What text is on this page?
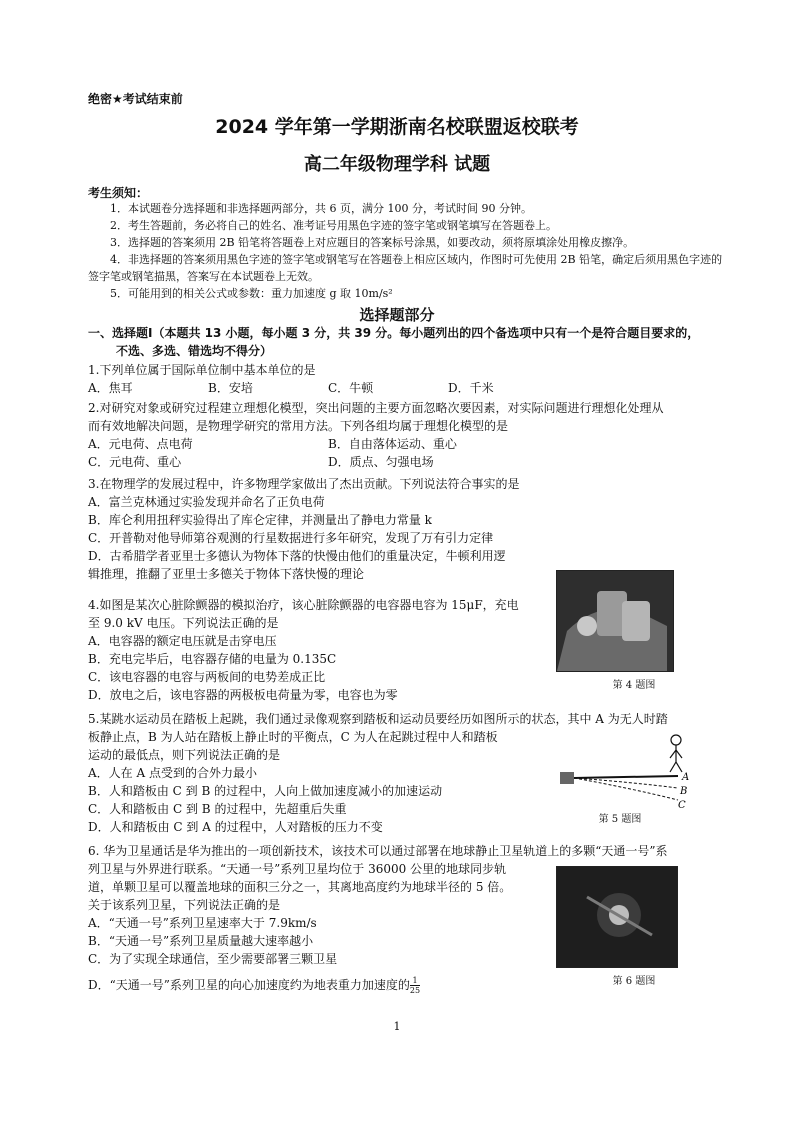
绝密★考试结束前
2024 学年第一学期浙南名校联盟返校联考
高二年级物理学科 试题
考生须知：

1．本试题卷分选择题和非选择题两部分，共 6 页，满分 100 分，考试时间 90 分钟。

2．考生答题前，务必将自己的姓名、准考证号用黑色字迹的签字笔或钢笔填写在答题卷上。

3．选择题的答案须用 2B 铅笔将答题卷上对应题目的答案标号涂黑，如要改动，须将原填涂处用橡皮擦净。

4．非选择题的答案须用黑色字迹的签字笔或钢笔写在答题卷上相应区域内，作图时可先使用 2B 铅笔，确定后须用黑色字迹的签字笔或钢笔描黑，答案写在本试题卷上无效。

5．可能用到的相关公式或参数：重力加速度 g 取 10m/s²

选择题部分
一、选择题Ⅰ（本题共 13 小题，每小题 3 分，共 39 分。每小题列出的四个备选项中只有一个是符合题目要求的，
不选、多选、错选均不得分）

1.下列单位属于国际单位制中基本单位的是

A．焦耳	B．安培	C．牛顿	D．千米

2.对研究对象或研究过程建立理想化模型，突出问题的主要方面忽略次要因素，对实际问题进行理想化处理从

而有效地解决问题，是物理学研究的常用方法。下列各组均属于理想化模型的是

A．元电荷、点电荷	B．自由落体运动、重心
C．元电荷、重心	D．质点、匀强电场

3.在物理学的发展过程中，许多物理学家做出了杰出贡献。下列说法符合事实的是

A．富兰克林通过实验发现并命名了正负电荷

B．库仑利用扭秤实验得出了库仑定律，并测量出了静电力常量 k

C．开普勒对他导师第谷观测的行星数据进行多年研究，发现了万有引力定律

D．古希腊学者亚里士多德认为物体下落的快慢由他们的重量决定，牛顿利用逻

辑推理，推翻了亚里士多德关于物体下落快慢的理论

第 4 题图

4.如图是某次心脏除颤器的模拟治疗，该心脏除颤器的电容器电容为 15μF，充电

至 9.0 kV 电压。下列说法正确的是

A．电容器的额定电压就是击穿电压

B．充电完毕后，电容器存储的电量为 0.135C

C．该电容器的电容与两板间的电势差成正比

D．放电之后，该电容器的两极板电荷量为零，电容也为零

5.某跳水运动员在踏板上起跳，我们通过录像观察到踏板和运动员要经历如图所示的状态，其中 A 为无人时踏

板静止点，B 为人站在踏板上静止时的平衡点，C 为人在起跳过程中人和踏板

运动的最低点，则下列说法正确的是

A．人在 A 点受到的合外力最小

B．人和踏板由 C 到 B 的过程中，人向上做加速度减小的加速运动

C．人和踏板由 C 到 B 的过程中，先超重后失重

D．人和踏板由 C 到 A 的过程中，人对踏板的压力不变

A
B
C
第 5 题图

6. 华为卫星通话是华为推出的一项创新技术，该技术可以通过部署在地球静止卫星轨道上的多颗“天通一号”系

列卫星与外界进行联系。“天通一号”系列卫星均位于 36000 公里的地球同步轨

道，单颗卫星可以覆盖地球的面积三分之一，其离地高度约为地球半径的 5 倍。

关于该系列卫星，下列说法正确的是

A．“天通一号”系列卫星速率大于 7.9km/s

B．“天通一号”系列卫星质量越大速率越小

C．为了实现全球通信，至少需要部署三颗卫星

D．“天通一号”系列卫星的向心加速度约为地表重力加速度的 $\frac{1}{25}$	第 6 题图
1
